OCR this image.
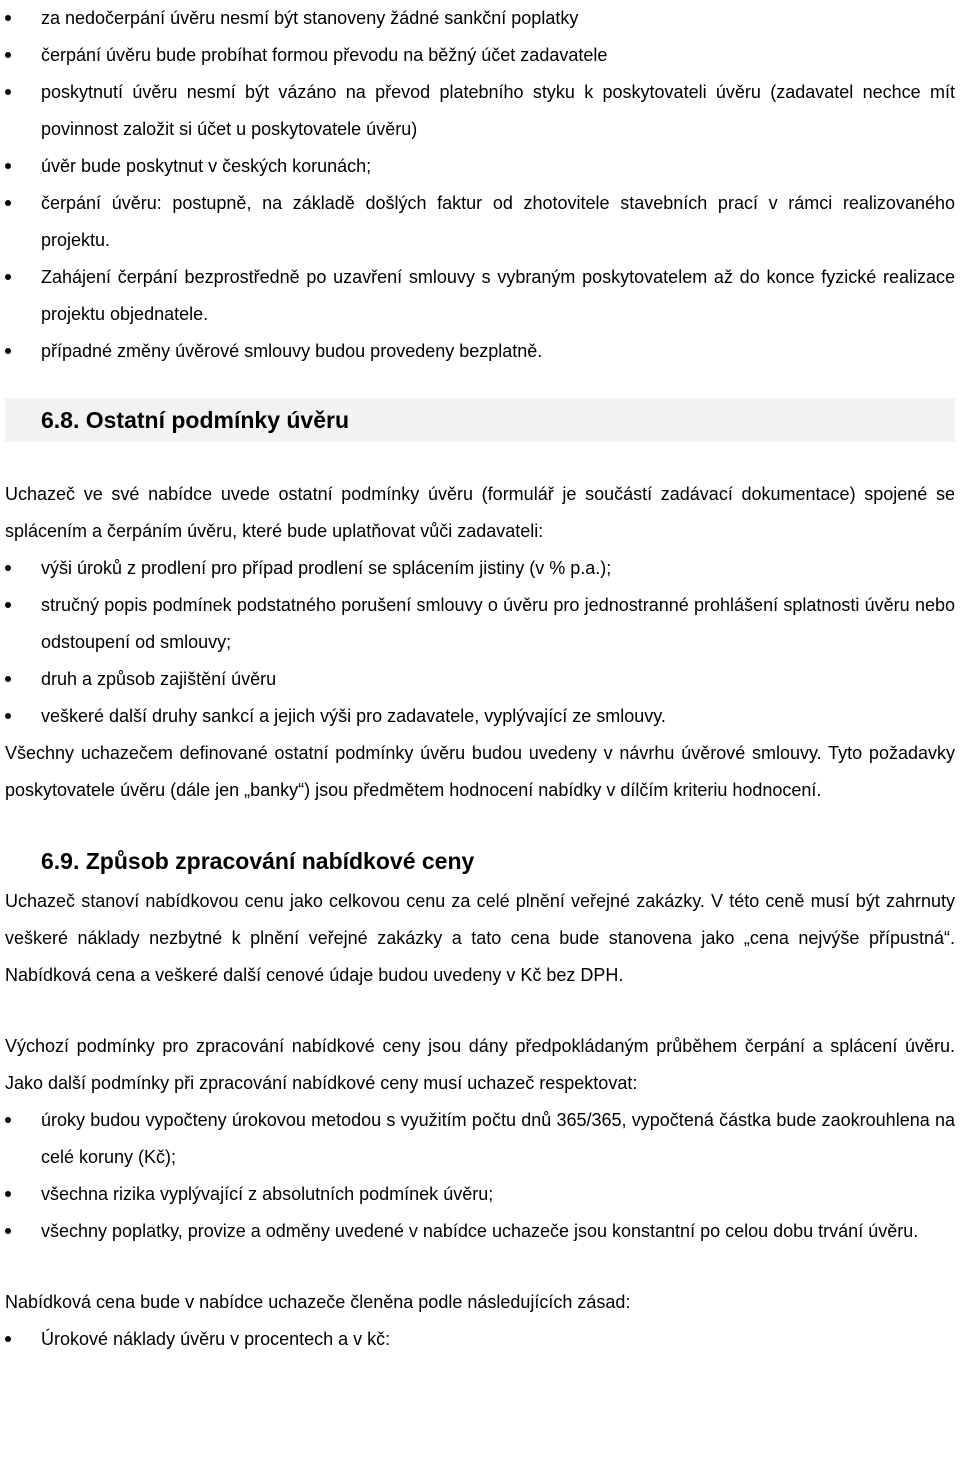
za nedočerpání úvěru nesmí být stanoveny žádné sankční poplatky
čerpání úvěru bude probíhat formou převodu na běžný účet zadavatele
poskytnutí úvěru nesmí být vázáno na převod platebního styku k poskytovateli úvěru (zadavatel nechce mít povinnost založit si účet u poskytovatele úvěru)
úvěr bude poskytnut v českých korunách;
čerpání úvěru: postupně, na základě došlých faktur od zhotovitele stavebních prací v rámci realizovaného projektu.
Zahájení čerpání bezprostředně po uzavření smlouvy s vybraným poskytovatelem až do konce fyzické realizace projektu objednatele.
případné změny úvěrové smlouvy budou provedeny bezplatně.
6.8. Ostatní podmínky úvěru

Uchazeč ve své nabídce uvede ostatní podmínky úvěru (formulář je součástí zadávací dokumentace) spojené se splácením a čerpáním úvěru, které bude uplatňovat vůči zadavateli:

výši úroků z prodlení pro případ prodlení se splácením jistiny (v % p.a.);
stručný popis podmínek podstatného porušení smlouvy o úvěru pro jednostranné prohlášení splatnosti úvěru nebo odstoupení od smlouvy;
druh a způsob zajištění úvěru
veškeré další druhy sankcí a jejich výši pro zadavatele, vyplývající ze smlouvy.

Všechny uchazečem definované ostatní podmínky úvěru budou uvedeny v návrhu úvěrové smlouvy. Tyto požadavky poskytovatele úvěru (dále jen „banky“) jsou předmětem hodnocení nabídky v dílčím kriteriu hodnocení.

6.9. Způsob zpracování nabídkové ceny

Uchazeč stanoví nabídkovou cenu jako celkovou cenu za celé plnění veřejné zakázky. V této ceně musí být zahrnuty veškeré náklady nezbytné k plnění veřejné zakázky a tato cena bude stanovena jako „cena nejvýše přípustná“. Nabídková cena a veškeré další cenové údaje budou uvedeny v Kč bez DPH.

Výchozí podmínky pro zpracování nabídkové ceny jsou dány předpokládaným průběhem čerpání a splácení úvěru. Jako další podmínky při zpracování nabídkové ceny musí uchazeč respektovat:

úroky budou vypočteny úrokovou metodou s využitím počtu dnů 365/365, vypočtená částka bude zaokrouhlena na celé koruny (Kč);
všechna rizika vyplývající z absolutních podmínek úvěru;
všechny poplatky, provize a odměny uvedené v nabídce uchazeče jsou konstantní po celou dobu trvání úvěru.

Nabídková cena bude v nabídce uchazeče členěna podle následujících zásad:

Úrokové náklady úvěru v procentech a v kč:
